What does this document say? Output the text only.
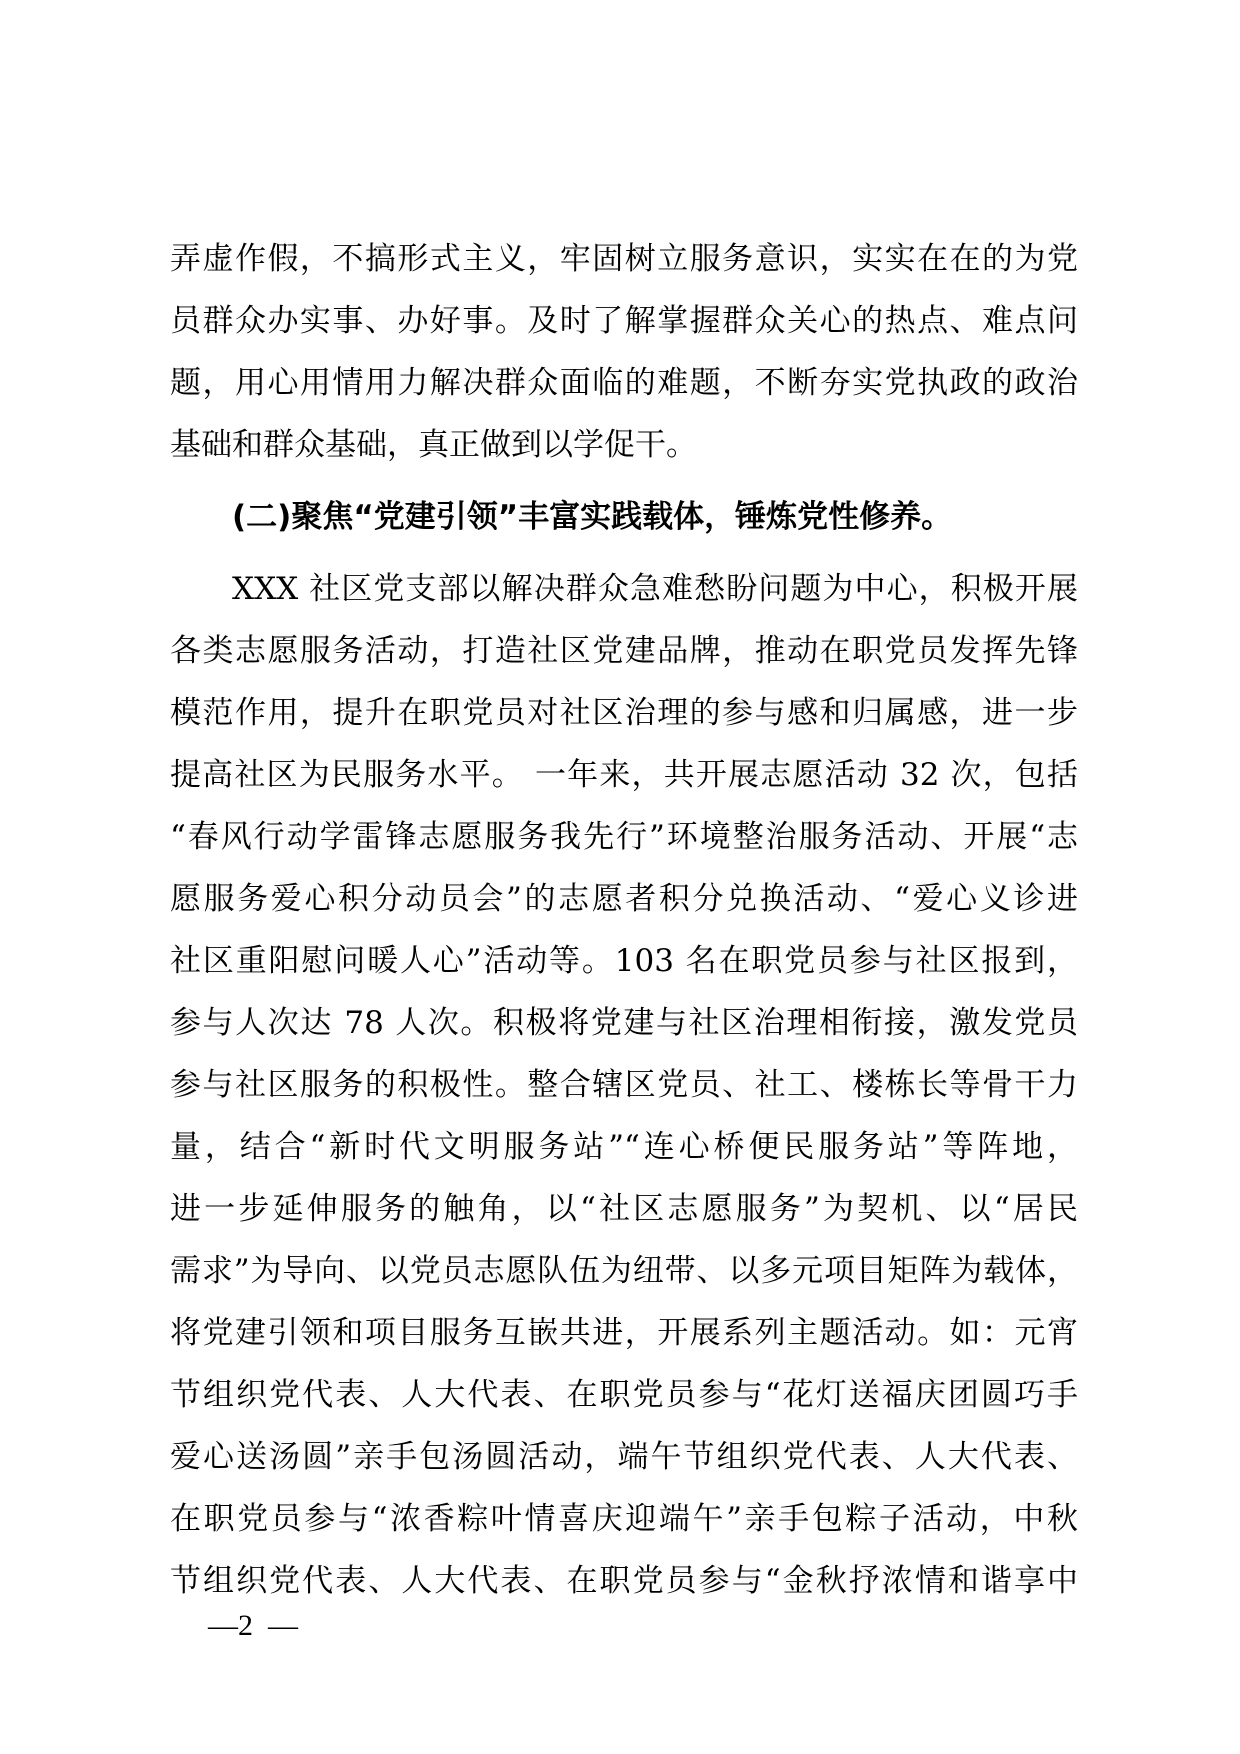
弄虚作假，不搞形式主义，牢固树立服务意识，实实在在的为党
员群众办实事、办好事。及时了解掌握群众关心的热点、难点问
题，用心用情用力解决群众面临的难题，不断夯实党执政的政治
基础和群众基础，真正做到以学促干。
(二)聚焦“党建引领”丰富实践载体，锤炼党性修养。
XXX 社区党支部以解决群众急难愁盼问题为中心，积极开展
各类志愿服务活动，打造社区党建品牌，推动在职党员发挥先锋
模范作用，提升在职党员对社区治理的参与感和归属感，进一步
提高社区为民服务水平。 一年来，共开展志愿活动 32 次，包括
“春风行动学雷锋志愿服务我先行”环境整治服务活动、开展“志
愿服务爱心积分动员会”的志愿者积分兑换活动、“爱心义诊进
社区重阳慰问暖人心”活动等。103 名在职党员参与社区报到，
参与人次达 78 人次。积极将党建与社区治理相衔接，激发党员
参与社区服务的积极性。整合辖区党员、社工、楼栋长等骨干力
量，结合“新时代文明服务站”“连心桥便民服务站”等阵地，
进一步延伸服务的触角，以“社区志愿服务”为契机、以“居民
需求”为导向、以党员志愿队伍为纽带、以多元项目矩阵为载体，
将党建引领和项目服务互嵌共进，开展系列主题活动。如：元宵
节组织党代表、人大代表、在职党员参与“花灯送福庆团圆巧手
爱心送汤圆”亲手包汤圆活动，端午节组织党代表、人大代表、
在职党员参与“浓香粽叶情喜庆迎端午”亲手包粽子活动，中秋
节组织党代表、人大代表、在职党员参与“金秋抒浓情和谐享中
—2  —
